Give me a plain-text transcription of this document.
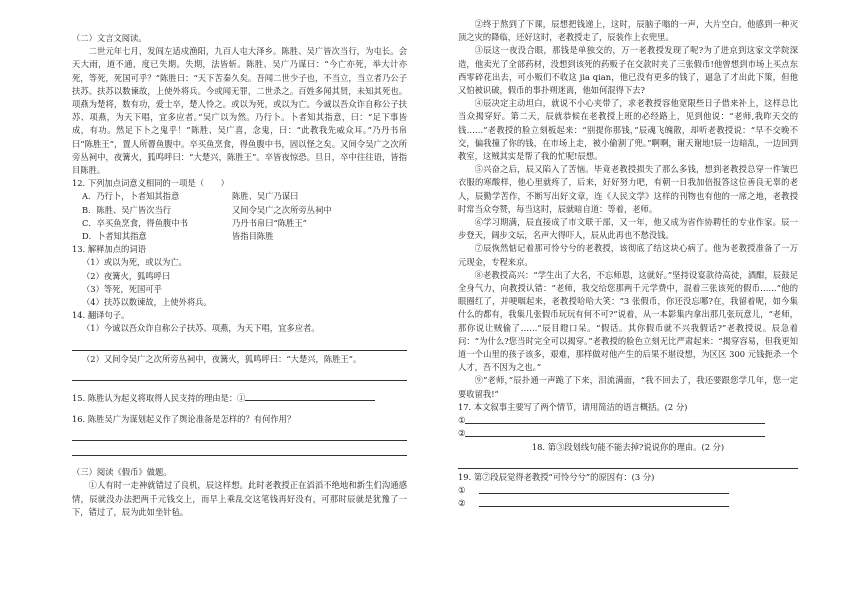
（二）文言文阅读。

二世元年七月，发闾左适戍渔阳，九百人屯大泽乡。陈胜、吴广皆次当行，为屯长。会天大雨，道不通，度已失期。失期，法皆斩。陈胜、吴广乃谋曰：“今亡亦死，举大计亦死，等死，死国可乎？”陈胜曰：“天下苦秦久矣。吾闻二世少子也，不当立，当立者乃公子扶苏。扶苏以数谏故，上使外将兵。今或闻无罪，二世杀之。百姓多闻其贤，未知其死也。项燕为楚将，数有功，爱士卒，楚人怜之。或以为死，或以为亡。今诚以吾众诈自称公子扶苏、项燕，为天下唱，宜多应者。”吴广以为然。乃行卜。卜者知其指意，曰：“足下事皆成，有功。然足下卜之鬼乎！”陈胜、吴广喜，念鬼，曰：“此教我先威众耳。”乃丹书帛曰“陈胜王”，置人所罾鱼腹中。卒买鱼烹食，得鱼腹中书，固以怪之矣。又间令吴广之次所旁丛祠中，夜篝火，狐鸣呼曰：“大楚兴，陈胜王”。卒皆夜惊恐。旦日，卒中往往语，皆指目陈胜。

12. 下列加点词意义相同的一项是（　　）

A．乃行卜，卜者知其指意	陈胜、吴广乃谋曰
B．陈胜、吴广皆次当行	又间令吴广之次所旁丛祠中
C．卒买鱼烹食，得鱼腹中书	乃丹书帛曰“陈胜王”
D．卜者知其指意	皆指目陈胜

13. 解释加点的词语

（1）或以为死，或以为亡。
（2）夜篝火，狐鸣呼曰
（3）等死，死国可乎
（4）扶苏以数谏故，上使外将兵。

14. 翻译句子。

（1）今诚以吾众诈自称公子扶苏、项燕，为天下唱，宜多应者。
（2）又间令吴广之次所旁丛祠中，夜篝火，狐鸣呼曰：“大楚兴，陈胜王”。

15. 陈胜认为起义将取得人民支持的理由是：①

16. 陈胜吴广为谋划起义作了舆论准备是怎样的？有何作用？

（三）阅读《假币》做题。

①人有时一走神就错过了良机，辰这样想。此时老教授正在滔滔不绝地和新生们沟通感情，辰就没办法把两千元钱交上，而早上乘乱交这笔钱再好没有，可那时辰就是犹豫了一下，错过了，辰为此如坐针毡。

②终于熬到了下课，辰想把钱递上，这时，辰脑子嗡的一声，大片空白，他感到一种灭顶之灾的降临，还好这时，老教授走了，辰装作上衣兜里。

③辰这一夜没合眼，那钱是单独交的，万一老教授发现了呢?为了进京到这家文学院深造，他卖光了全部药材，没想到该死的药贩子在交款时夹了三张假币!他曾想到市场上买点东西零碎花出去，可小贩们不收这 jia qian，他已没有更多的钱了，逼急了才出此下策，但他又怕被识破，假币的事扑朔迷离，他如何混得下去?

④辰决定主动坦白，就说不小心夹带了，求老教授容他宽限些日子借来补上，这样总比当众揭穿好。第二天，辰就恭候在老教授上班的必经路上，见到他说：“老师,我昨天交的钱……”老教授的脸立刻板起来：“别提你那钱，”辰魂飞魄散，却听老教授说：“早不交晚不交，偏我撞了你的钱，在市场上走，被小偷割了兜。”啊啊，谢天谢地!辰一边暗乱，一边回到教室，这贼其实是帮了我的忙呢!辰想。

⑤兴奋之后，辰又陷入了苦恼。毕竟老教授损失了那么多钱，想到老教授总穿一件皱巴衣服的寒酸样，他心里就疼了，后来，好好努力吧，有朝一日我加倍报答这位善良无辜的老人，辰勤学苦作，不断写出好文章，连《人民文学》这样的刊物也有他的一席之地，老教授时常当众夸赞，每当这时，辰就暗自道：等着，老师。

⑥学习期满，辰直接成了市文联干部，又一年，他又成为省作协聘任的专业作家。辰一步登天，阔步文坛，名声大得吓人，辰从此再也不愁没钱。

⑦辰恢然惦记着那可怜兮兮的老教授，该彻底了结这块心病了。他为老教授准备了一万元现金，专程来京。

⑧老教授高兴：“学生出了大名，不忘师恩，这就好。”坚持设宴款待高徒，酒酣，辰鼓足全身气力，向教授认错：“老师，我交给您那两千元学费中，混着三张该死的假币……”他的眼圈红了，并哽咽起来，老教授哈哈大笑：“3 张假币，你还没忘哪?在，我留着呢，如今集什么的都有，我集几张假币玩玩有何不可?”说着，从一本影集内拿出那几张玩意儿，“老师，那你说让贼偷了……”辰目瞪口呆。“假话。其你假币就不兴我假话?”老教授说。辰急着问：“为什么?您当时完全可以揭穿。”老教授的脸色立刻无比严肃起来：“揭穿容易，但我更知道一个山里的孩子该多，艰难，那样做对他产生的后果不堪设想，为区区 300 元钱扼杀一个人才，吾不因为之也。”

⑨“老师，”辰扑通一声跪了下来，泪流满面，“我不回去了，我还要跟您学几年，您一定要收留我!”

17. 本文叙事主要写了两个情节，请用简洁的语言概括。(2 分)

①
②

18. 第③段划线句能不能去掉?说说你的理由。(2 分)

19. 第⑦段辰觉得老教授“可怜兮兮”的原因有：(3 分)

①
②
